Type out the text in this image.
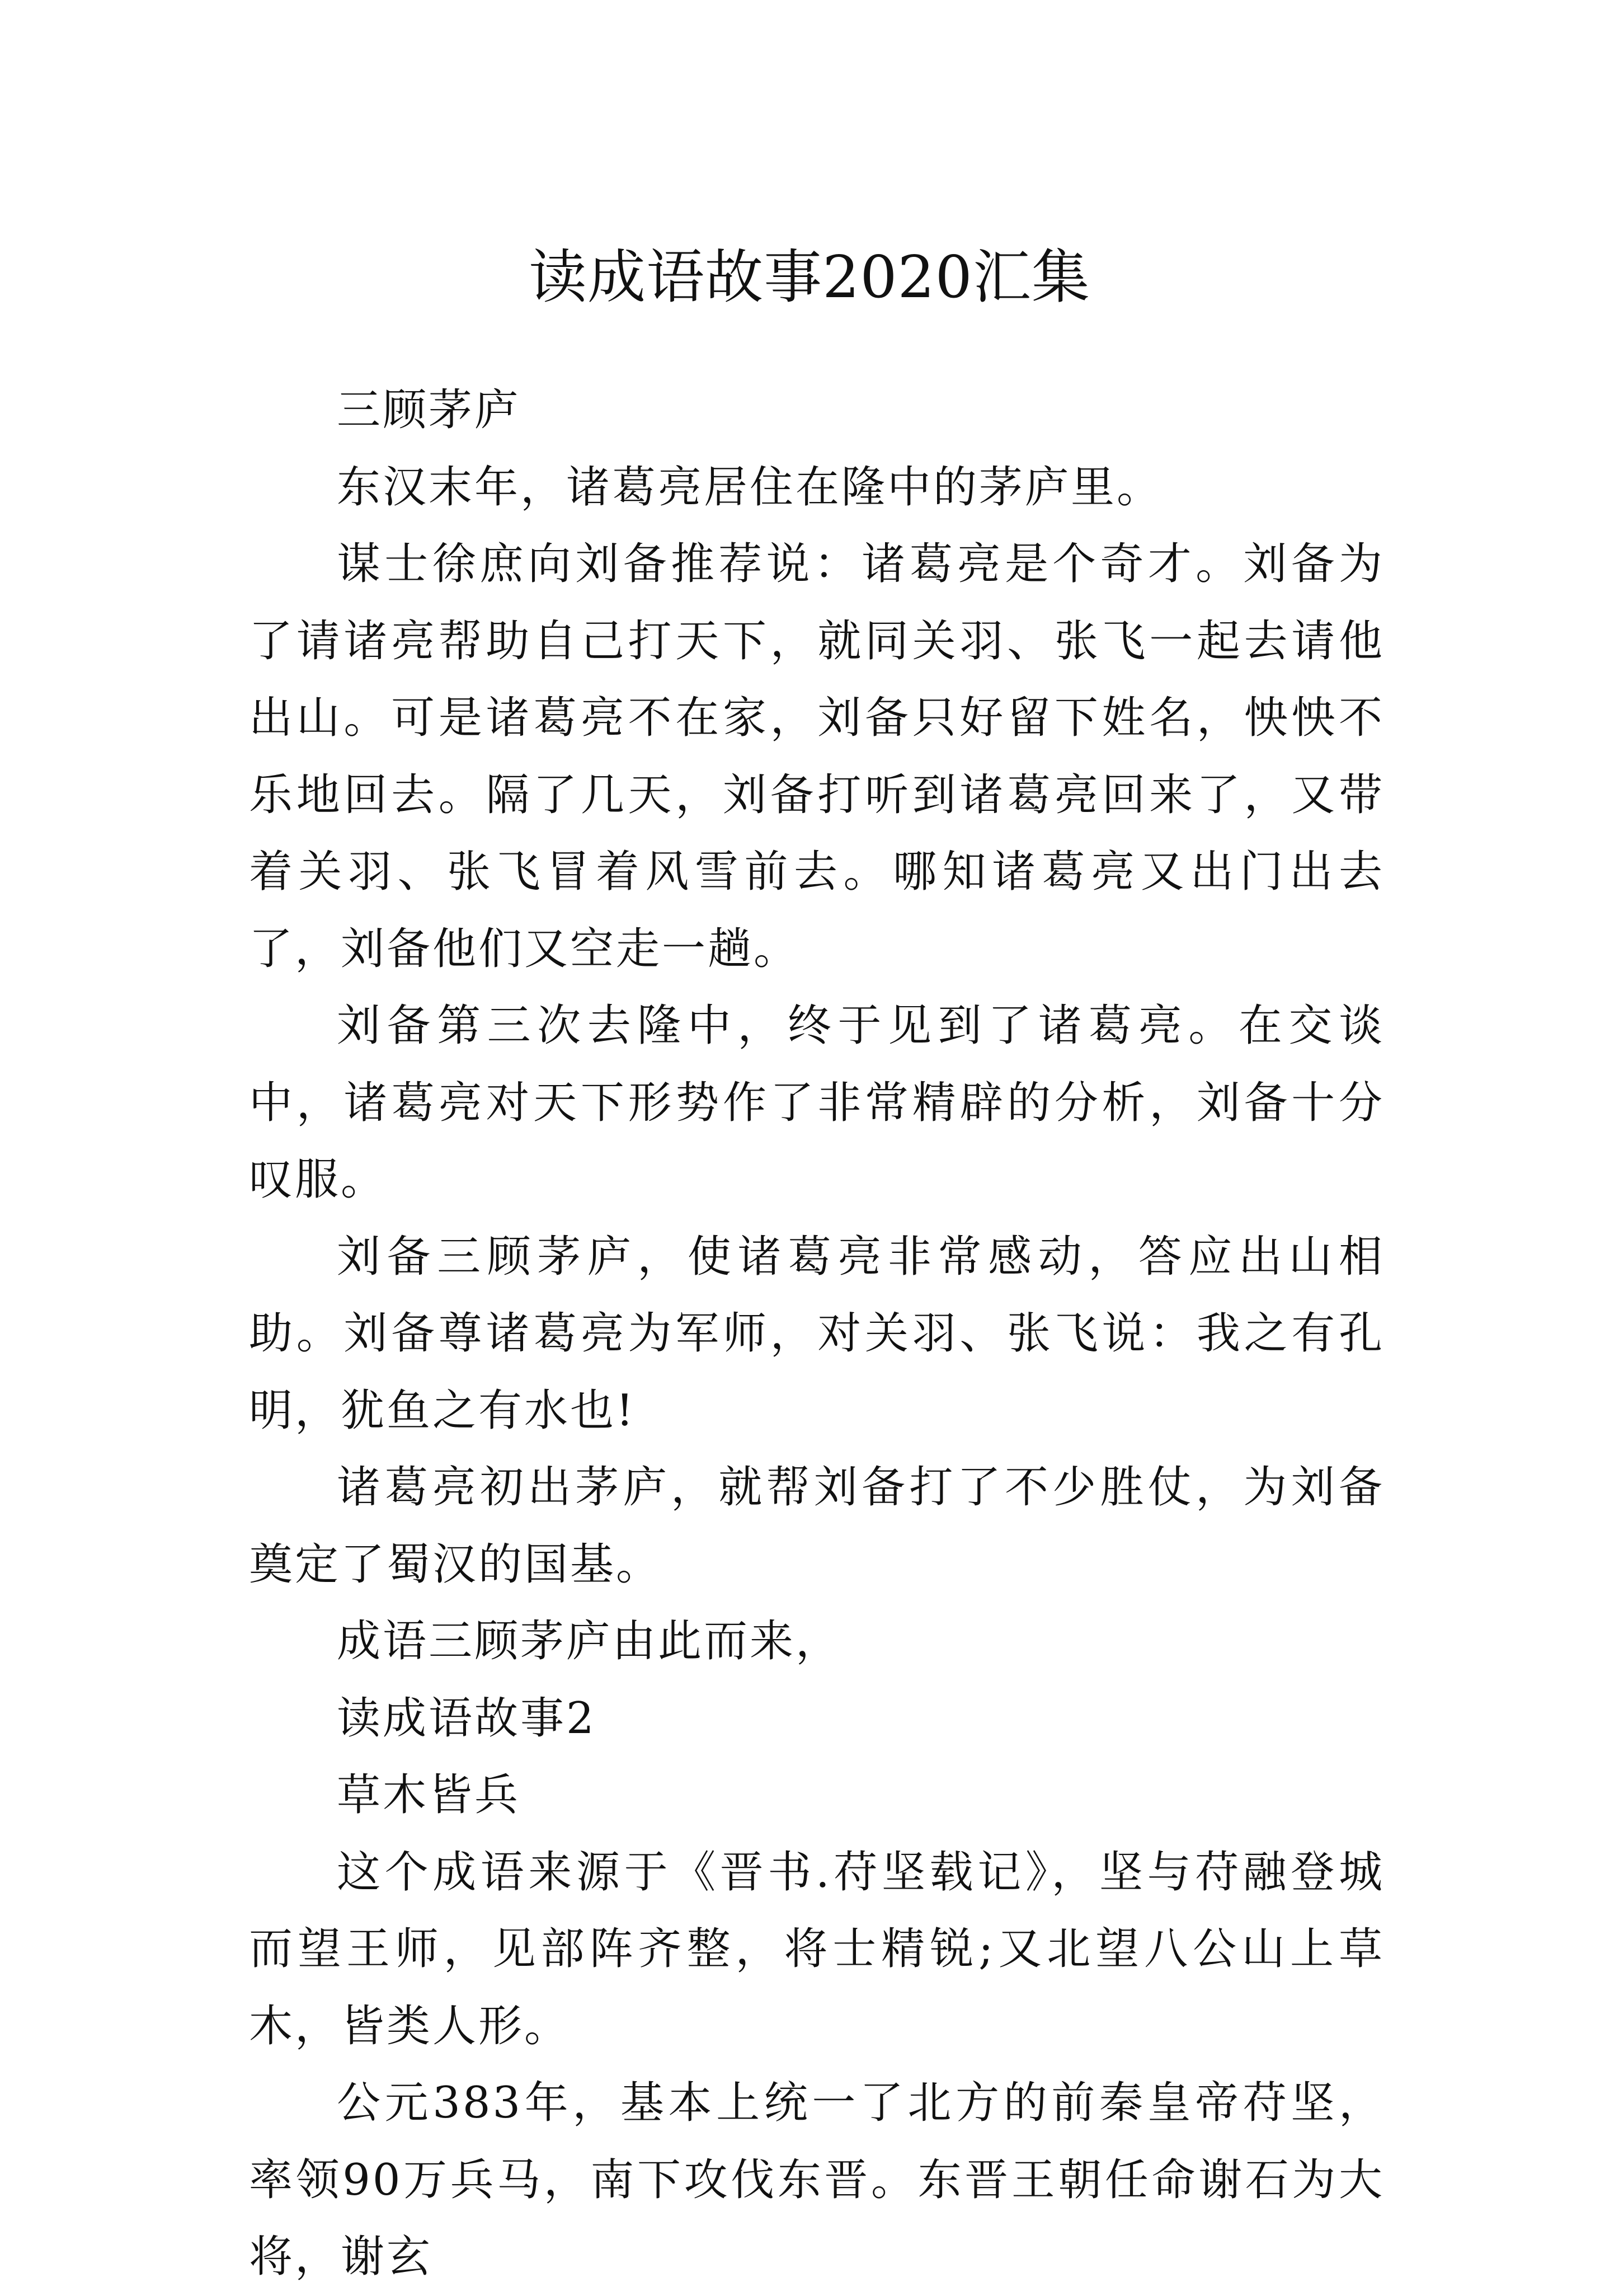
读成语故事2020汇集

三顾茅庐

东汉末年，诸葛亮居住在隆中的茅庐里。

谋士徐庶向刘备推荐说：诸葛亮是个奇才。刘备为了请诸亮帮助自己打天下，就同关羽、张飞一起去请他出山。可是诸葛亮不在家，刘备只好留下姓名，怏怏不乐地回去。隔了几天，刘备打听到诸葛亮回来了，又带着关羽、张飞冒着风雪前去。哪知诸葛亮又出门出去了，刘备他们又空走一趟。

刘备第三次去隆中，终于见到了诸葛亮。在交谈中，诸葛亮对天下形势作了非常精辟的分析，刘备十分叹服。

刘备三顾茅庐，使诸葛亮非常感动，答应出山相助。刘备尊诸葛亮为军师，对关羽、张飞说：我之有孔明，犹鱼之有水也!

诸葛亮初出茅庐，就帮刘备打了不少胜仗，为刘备奠定了蜀汉的国基。

成语三顾茅庐由此而来，

读成语故事2

草木皆兵

这个成语来源于《晋书.苻坚载记》，坚与苻融登城而望王师，见部阵齐整，将士精锐;又北望八公山上草木，皆类人形。

公元383年，基本上统一了北方的前秦皇帝苻坚，率领90万兵马，南下攻伐东晋。东晋王朝任命谢石为大将，谢玄
